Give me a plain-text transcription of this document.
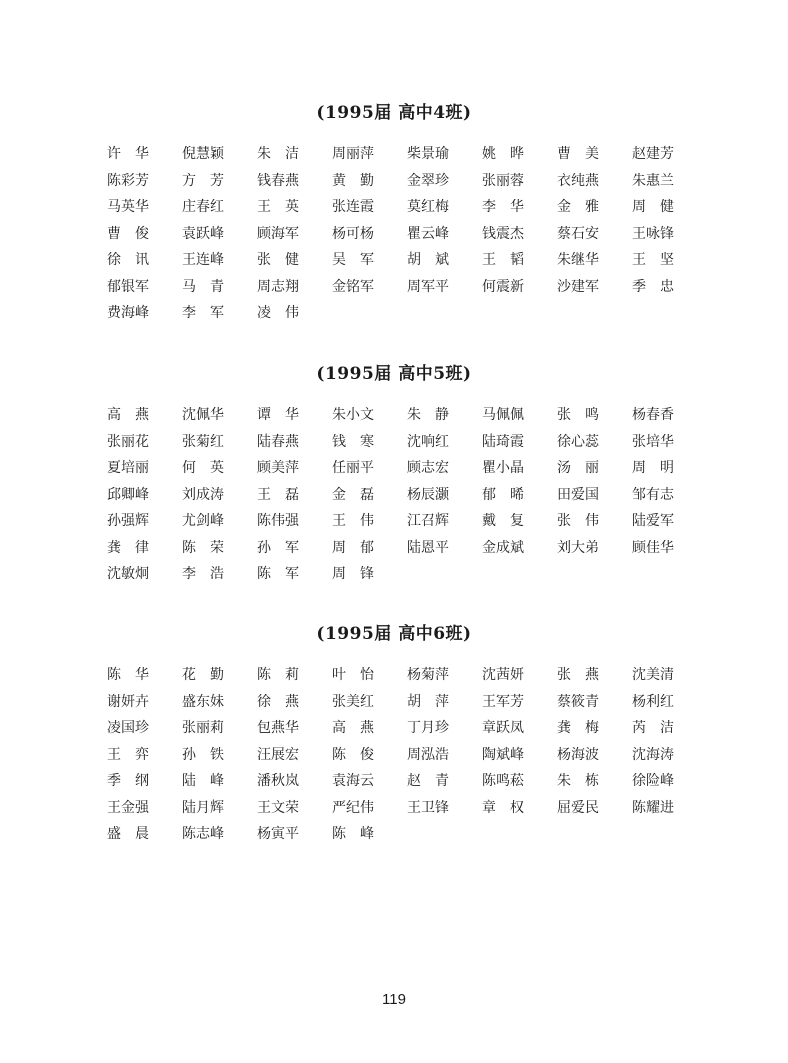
(1995届 高中4班)
许华	倪慧颖	朱洁	周丽萍	柴景瑜	姚晔	曹美	赵建芳
陈彩芳	方芳	钱春燕	黄勤	金翠珍	张丽蓉	衣纯燕	朱惠兰
马英华	庄春红	王英	张连霞	莫红梅	李华	金雅	周健
曹俊	袁跃峰	顾海军	杨可杨	瞿云峰	钱震杰	蔡石安	王咏锋
徐讯	王连峰	张健	吴军	胡斌	王韬	朱继华	王坚
郁银军	马青	周志翔	金铭军	周军平	何震新	沙建军	季忠
费海峰	李军	凌伟
(1995届 高中5班)
高燕	沈佩华	谭华	朱小文	朱静	马佩佩	张鸣	杨春香
张丽花	张菊红	陆春燕	钱寒	沈响红	陆琦霞	徐心蕊	张培华
夏培丽	何英	顾美萍	任丽平	顾志宏	瞿小晶	汤丽	周明
邱卿峰	刘成涛	王磊	金磊	杨辰灏	郁晞	田爱国	邹有志
孙强辉	尤剑峰	陈伟强	王伟	江召辉	戴复	张伟	陆爱军
龚律	陈荣	孙军	周郁	陆恩平	金成斌	刘大弟	顾佳华
沈敏炯	李浩	陈军	周锋
(1995届 高中6班)
陈华	花勤	陈莉	叶怡	杨菊萍	沈茜妍	张燕	沈美清
谢妍卉	盛东妹	徐燕	张美红	胡萍	王军芳	蔡筱青	杨利红
凌国珍	张丽莉	包燕华	高燕	丁月珍	章跃凤	龚梅	芮洁
王弈	孙铁	汪展宏	陈俊	周泓浩	陶斌峰	杨海波	沈海涛
季纲	陆峰	潘秋岚	袁海云	赵青	陈鸣菘	朱栋	徐险峰
王金强	陆月辉	王文荣	严纪伟	王卫锋	章权	屈爱民	陈耀进
盛晨	陈志峰	杨寅平	陈峰
119
